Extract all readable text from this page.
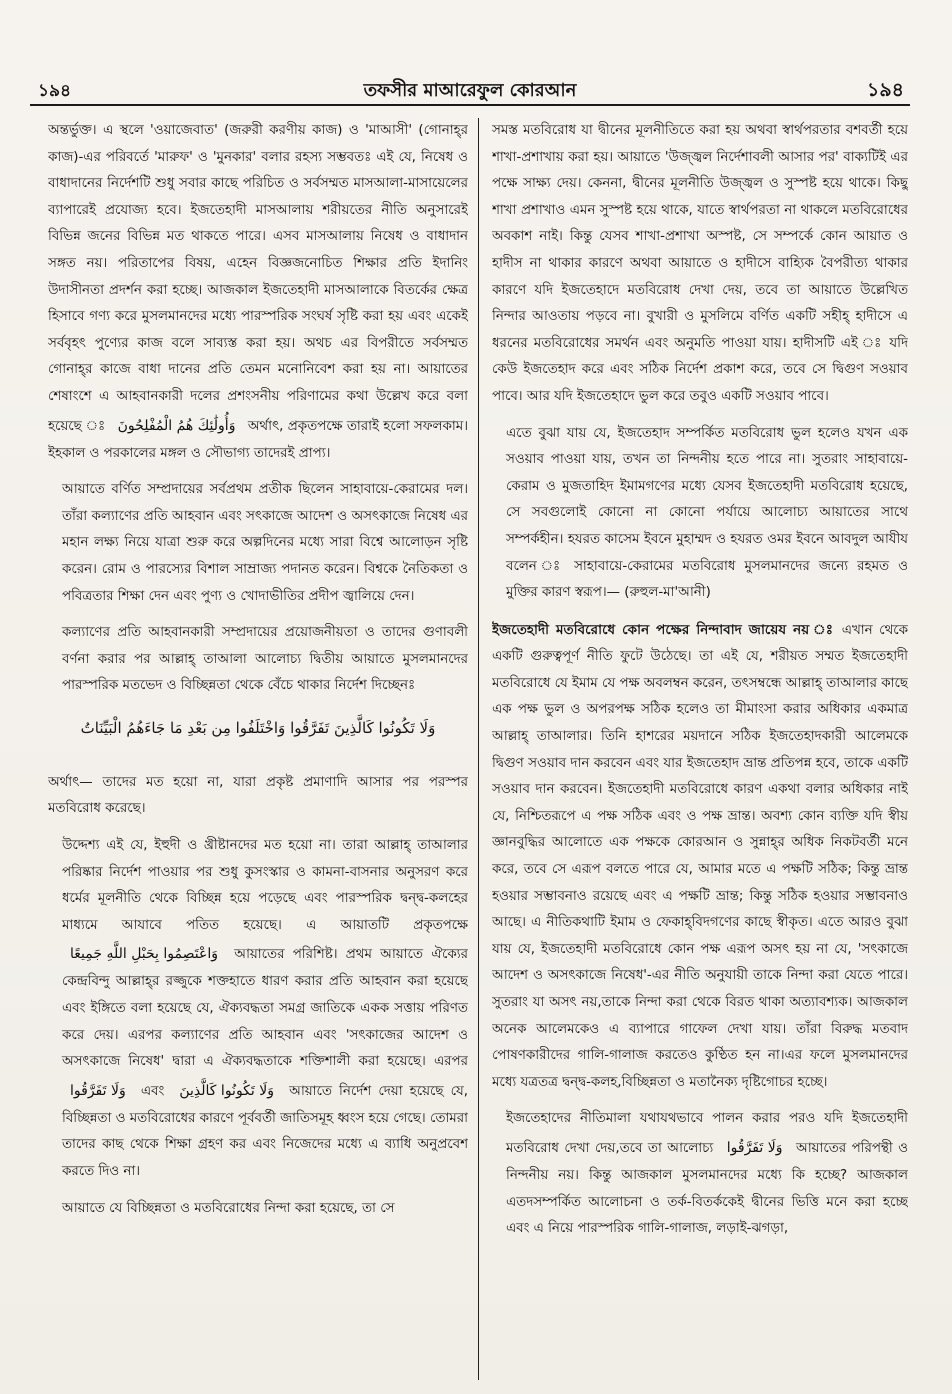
১৯৪	তফসীর মাআরেফুল কোরআন	১৯৪

অন্তর্ভুক্ত। এ স্থলে 'ওয়াজেবাত' (জরুরী করণীয় কাজ) ও 'মাআসী' (গোনাহ্‌র কাজ)-এর পরিবর্তে 'মারুফ' ও 'মুনকার' বলার রহস্য সম্ভবতঃ এই যে, নিষেধ ও বাধাদানের নির্দেশটি শুধু সবার কাছে পরিচিত ও সর্বসম্মত মাসআলা-মাসায়েলের ব্যাপারেই প্রযোজ্য হবে। ইজতেহাদী মাসআলায় শরীয়তের নীতি অনুসারেই বিভিন্ন জনের বিভিন্ন মত থাকতে পারে। এসব মাসআলায় নিষেধ ও বাধাদান সঙ্গত নয়। পরিতাপের বিষয়, এহেন বিজ্ঞজনোচিত শিক্ষার প্রতি ইদানিং উদাসীনতা প্রদর্শন করা হচ্ছে। আজকাল ইজতেহাদী মাসআলাকে বিতর্কের ক্ষেত্র হিসাবে গণ্য করে মুসলমানদের মধ্যে পারস্পরিক সংঘর্ষ সৃষ্টি করা হয় এবং একেই সর্ববৃহৎ পুণ্যের কাজ বলে সাব্যস্ত করা হয়। অথচ এর বিপরীতে সর্বসম্মত গোনাহ্‌র কাজে বাধা দানের প্রতি তেমন মনোনিবেশ করা হয় না। আয়াতের শেষাংশে এ আহবানকারী দলের প্রশংসনীয় পরিণামের কথা উল্লেখ করে বলা হয়েছে ঃ وَأُولَٰئِكَ هُمُ الْمُفْلِحُونَ অর্থাৎ, প্রকৃতপক্ষে তারাই হলো সফলকাম। ইহকাল ও পরকালের মঙ্গল ও সৌভাগ্য তাদেরই প্রাপ্য।

আয়াতে বর্ণিত সম্প্রদায়ের সর্বপ্রথম প্রতীক ছিলেন সাহাবায়ে-কেরামের দল। তাঁরা কল্যাণের প্রতি আহবান এবং সৎকাজে আদেশ ও অসৎকাজে নিষেধ এর মহান লক্ষ্য নিয়ে যাত্রা শুরু করে অল্পদিনের মধ্যে সারা বিশ্বে আলোড়ন সৃষ্টি করেন। রোম ও পারস্যের বিশাল সাম্রাজ্য পদানত করেন। বিশ্বকে নৈতিকতা ও পবিত্রতার শিক্ষা দেন এবং পুণ্য ও খোদাভীতির প্রদীপ জ্বালিয়ে দেন।

কল্যাণের প্রতি আহবানকারী সম্প্রদায়ের প্রয়োজনীয়তা ও তাদের গুণাবলী বর্ণনা করার পর আল্লাহ্ তাআলা আলোচ্য দ্বিতীয় আয়াতে মুসলমানদের পারস্পরিক মতভেদ ও বিচ্ছিন্নতা থেকে বেঁচে থাকার নির্দেশ দিচ্ছেনঃ

وَلَا تَكُونُوا كَالَّذِينَ تَفَرَّقُوا وَاخْتَلَفُوا مِن بَعْدِ مَا جَاءَهُمُ الْبَيِّنَاتُ

অর্থাৎ— তাদের মত হয়ো না, যারা প্রকৃষ্ট প্রমাণাদি আসার পর পরস্পর মতবিরোধ করেছে।

উদ্দেশ্য এই যে, ইহুদী ও খ্রীষ্টানদের মত হয়ো না। তারা আল্লাহ্ তাআলার পরিষ্কার নির্দেশ পাওয়ার পর শুধু কুসংস্কার ও কামনা-বাসনার অনুসরণ করে ধর্মের মূলনীতি থেকে বিচ্ছিন্ন হয়ে পড়েছে এবং পারস্পরিক দ্বন্দ্ব-কলহের মাধ্যমে আযাবে পতিত হয়েছে। এ আয়াতটি প্রকৃতপক্ষে وَاعْتَصِمُوا بِحَبْلِ اللَّهِ جَمِيعًا আয়াতের পরিশিষ্ট। প্রথম আয়াতে ঐক্যের কেন্দ্রবিন্দু আল্লাহ্‌র রজ্জুকে শক্তহাতে ধারণ করার প্রতি আহবান করা হয়েছে এবং ইঙ্গিতে বলা হয়েছে যে, ঐক্যবদ্ধতা সমগ্র জাতিকে একক সত্তায় পরিণত করে দেয়। এরপর কল্যাণের প্রতি আহবান এবং 'সৎকাজের আদেশ ও অসৎকাজে নিষেধ' দ্বারা এ ঐক্যবদ্ধতাকে শক্তিশালী করা হয়েছে। এরপর وَلَا تَفَرَّقُوا এবং وَلَا تَكُونُوا كَالَّذِينَ আয়াতে নির্দেশ দেয়া হয়েছে যে, বিচ্ছিন্নতা ও মতবিরোধের কারণে পূর্ববর্তী জাতিসমূহ ধ্বংস হয়ে গেছে। তোমরা তাদের কাছ থেকে শিক্ষা গ্রহণ কর এবং নিজেদের মধ্যে এ ব্যাধি অনুপ্রবেশ করতে দিও না।

আয়াতে যে বিচ্ছিন্নতা ও মতবিরোধের নিন্দা করা হয়েছে, তা সে

সমস্ত মতবিরোধ যা দ্বীনের মূলনীতিতে করা হয় অথবা স্বার্থপরতার বশবর্তী হয়ে শাখা-প্রশাখায় করা হয়। আয়াতে 'উজ্জ্বল নির্দেশাবলী আসার পর' বাক্যটিই এর পক্ষে সাক্ষ্য দেয়। কেননা, দ্বীনের মূলনীতি উজ্জ্বল ও সুস্পষ্ট হয়ে থাকে। কিছু শাখা প্রশাখাও এমন সুস্পষ্ট হয়ে থাকে, যাতে স্বার্থপরতা না থাকলে মতবিরোধের অবকাশ নাই। কিন্তু যেসব শাখা-প্রশাখা অস্পষ্ট, সে সম্পর্কে কোন আয়াত ও হাদীস না থাকার কারণে অথবা আয়াতে ও হাদীসে বাহ্যিক বৈপরীত্য থাকার কারণে যদি ইজতেহাদে মতবিরোধ দেখা দেয়, তবে তা আয়াতে উল্লেখিত নিন্দার আওতায় পড়বে না। বুখারী ও মুসলিমে বর্ণিত একটি সহীহ্ হাদীসে এ ধরনের মতবিরোধের সমর্থন এবং অনুমতি পাওয়া যায়। হাদীসটি এই ঃ যদি কেউ ইজতেহাদ করে এবং সঠিক নির্দেশ প্রকাশ করে, তবে সে দ্বিগুণ সওয়াব পাবে। আর যদি ইজতেহাদে ভুল করে তবুও একটি সওয়াব পাবে।

এতে বুঝা যায় যে, ইজতেহাদ সম্পর্কিত মতবিরোধ ভুল হলেও যখন এক সওয়াব পাওয়া যায়, তখন তা নিন্দনীয় হতে পারে না। সুতরাং সাহাবায়ে-কেরাম ও মুজতাহিদ ইমামগণের মধ্যে যেসব ইজতেহাদী মতবিরোধ হয়েছে, সে সবগুলোই কোনো না কোনো পর্যায়ে আলোচ্য আয়াতের সাথে সম্পর্কহীন। হযরত কাসেম ইবনে মুহাম্মদ ও হযরত ওমর ইবনে আবদুল আযীয বলেন ঃ সাহাবায়ে-কেরামের মতবিরোধ মুসলমানদের জন্যে রহমত ও মুক্তির কারণ স্বরূপ।— (রুহুল-মা'আনী)

ইজতেহাদী মতবিরোধে কোন পক্ষের নিন্দাবাদ জায়েয নয় ঃ এখান থেকে একটি গুরুত্বপূর্ণ নীতি ফুটে উঠেছে। তা এই যে, শরীয়ত সম্মত ইজতেহাদী মতবিরোধে যে ইমাম যে পক্ষ অবলম্বন করেন, তৎসম্বন্ধে আল্লাহ্ তাআলার কাছে এক পক্ষ ভুল ও অপরপক্ষ সঠিক হলেও তা মীমাংসা করার অধিকার একমাত্র আল্লাহ্ তাআলার। তিনি হাশরের ময়দানে সঠিক ইজতেহাদকারী আলেমকে দ্বিগুণ সওয়াব দান করবেন এবং যার ইজতেহাদ ভ্রান্ত প্রতিপন্ন হবে, তাকে একটি সওয়াব দান করবেন। ইজতেহাদী মতবিরোধে কারণ একথা বলার অধিকার নাই যে, নিশ্চিতরূপে এ পক্ষ সঠিক এবং ও পক্ষ ভ্রান্ত। অবশ্য কোন ব্যক্তি যদি স্বীয় জ্ঞানবুদ্ধির আলোতে এক পক্ষকে কোরআন ও সুন্নাহ্‌র অধিক নিকটবর্তী মনে করে, তবে সে এরূপ বলতে পারে যে, আমার মতে এ পক্ষটি সঠিক; কিন্তু ভ্রান্ত হওয়ার সম্ভাবনাও রয়েছে এবং এ পক্ষটি ভ্রান্ত; কিন্তু সঠিক হওয়ার সম্ভাবনাও আছে। এ নীতিকথাটি ইমাম ও ফেকাহ্‌বিদগণের কাছে স্বীকৃত। এতে আরও বুঝা যায় যে, ইজতেহাদী মতবিরোধে কোন পক্ষ এরূপ অসৎ হয় না যে, 'সৎকাজে আদেশ ও অসৎকাজে নিষেধ'-এর নীতি অনুযায়ী তাকে নিন্দা করা যেতে পারে। সুতরাং যা অসৎ নয়,তাকে নিন্দা করা থেকে বিরত থাকা অত্যাবশ্যক। আজকাল অনেক আলেমকেও এ ব্যাপারে গাফেল দেখা যায়। তাঁরা বিরুদ্ধ মতবাদ পোষণকারীদের গালি-গালাজ করতেও কুণ্ঠিত হন না।এর ফলে মুসলমানদের মধ্যে যত্রতত্র দ্বন্দ্ব-কলহ,বিচ্ছিন্নতা ও মতানৈক্য দৃষ্টিগোচর হচ্ছে।

ইজতেহাদের নীতিমালা যথাযথভাবে পালন করার পরও যদি ইজতেহাদী মতবিরোধ দেখা দেয়,তবে তা আলোচ্য وَلَا تَفَرَّقُوا আয়াতের পরিপন্থী ও নিন্দনীয় নয়। কিন্তু আজকাল মুসলমানদের মধ্যে কি হচ্ছে? আজকাল এতদসম্পর্কিত আলোচনা ও তর্ক-বিতর্ককেই দ্বীনের ভিত্তি মনে করা হচ্ছে এবং এ নিয়ে পারস্পরিক গালি-গালাজ, লড়াই-ঝগড়া,
